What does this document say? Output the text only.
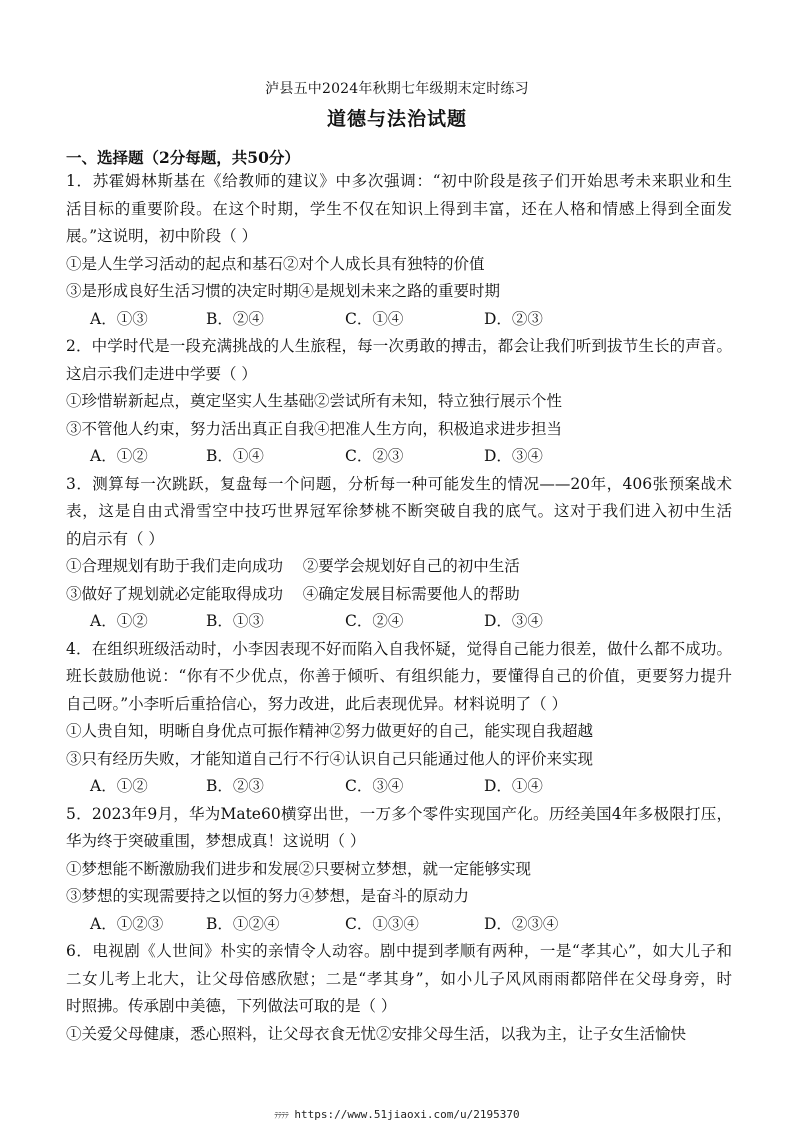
泸县五中2024年秋期七年级期末定时练习
道德与法治试题
一、选择题（2分每题，共50分）
1．苏霍姆林斯基在《给教师的建议》中多次强调：“初中阶段是孩子们开始思考未来职业和生
活目标的重要阶段。在这个时期，学生不仅在知识上得到丰富，还在人格和情感上得到全面发
展。”这说明，初中阶段（ ）
①是人生学习活动的起点和基石②对个人成长具有独特的价值
③是形成良好生活习惯的决定时期④是规划未来之路的重要时期
A．①③	B．②④	C．①④	D．②③
2．中学时代是一段充满挑战的人生旅程，每一次勇敢的搏击，都会让我们听到拔节生长的声音。
这启示我们走进中学要（ ）
①珍惜崭新起点，奠定坚实人生基础②尝试所有未知，特立独行展示个性
③不管他人约束，努力活出真正自我④把准人生方向，积极追求进步担当
A．①②	B．①④	C．②③	D．③④
3．测算每一次跳跃，复盘每一个问题，分析每一种可能发生的情况——20年，406张预案战术
表，这是自由式滑雪空中技巧世界冠军徐梦桃不断突破自我的底气。这对于我们进入初中生活
的启示有（ ）
①合理规划有助于我们走向成功    ②要学会规划好自己的初中生活
③做好了规划就必定能取得成功    ④确定发展目标需要他人的帮助
A．①②	B．①③	C．②④	D．③④
4．在组织班级活动时，小李因表现不好而陷入自我怀疑，觉得自己能力很差，做什么都不成功。
班长鼓励他说：“你有不少优点，你善于倾听、有组织能力，要懂得自己的价值，更要努力提升
自己呀。”小李听后重拾信心，努力改进，此后表现优异。材料说明了（ ）
①人贵自知，明晰自身优点可振作精神②努力做更好的自己，能实现自我超越
③只有经历失败，才能知道自己行不行④认识自己只能通过他人的评价来实现
A．①②	B．②③	C．③④	D．①④
5．2023年9月，华为Mate60横穿出世，一万多个零件实现国产化。历经美国4年多极限打压，
华为终于突破重围，梦想成真！这说明（ ）
①梦想能不断激励我们进步和发展②只要树立梦想，就一定能够实现
③梦想的实现需要持之以恒的努力④梦想，是奋斗的原动力
A．①②③	B．①②④	C．①③④	D．②③④
6．电视剧《人世间》朴实的亲情令人动容。剧中提到孝顺有两种，一是“孝其心”，如大儿子和
二女儿考上北大，让父母倍感欣慰；二是“孝其身”，如小儿子风风雨雨都陪伴在父母身旁，时
时照拂。传承剧中美德，下列做法可取的是（ ）
①关爱父母健康，悉心照料，让父母衣食无忧②安排父母生活，以我为主，让子女生活愉快
ﾃﾃﾃﾃ https://www.51jiaoxi.com/u/2195370
